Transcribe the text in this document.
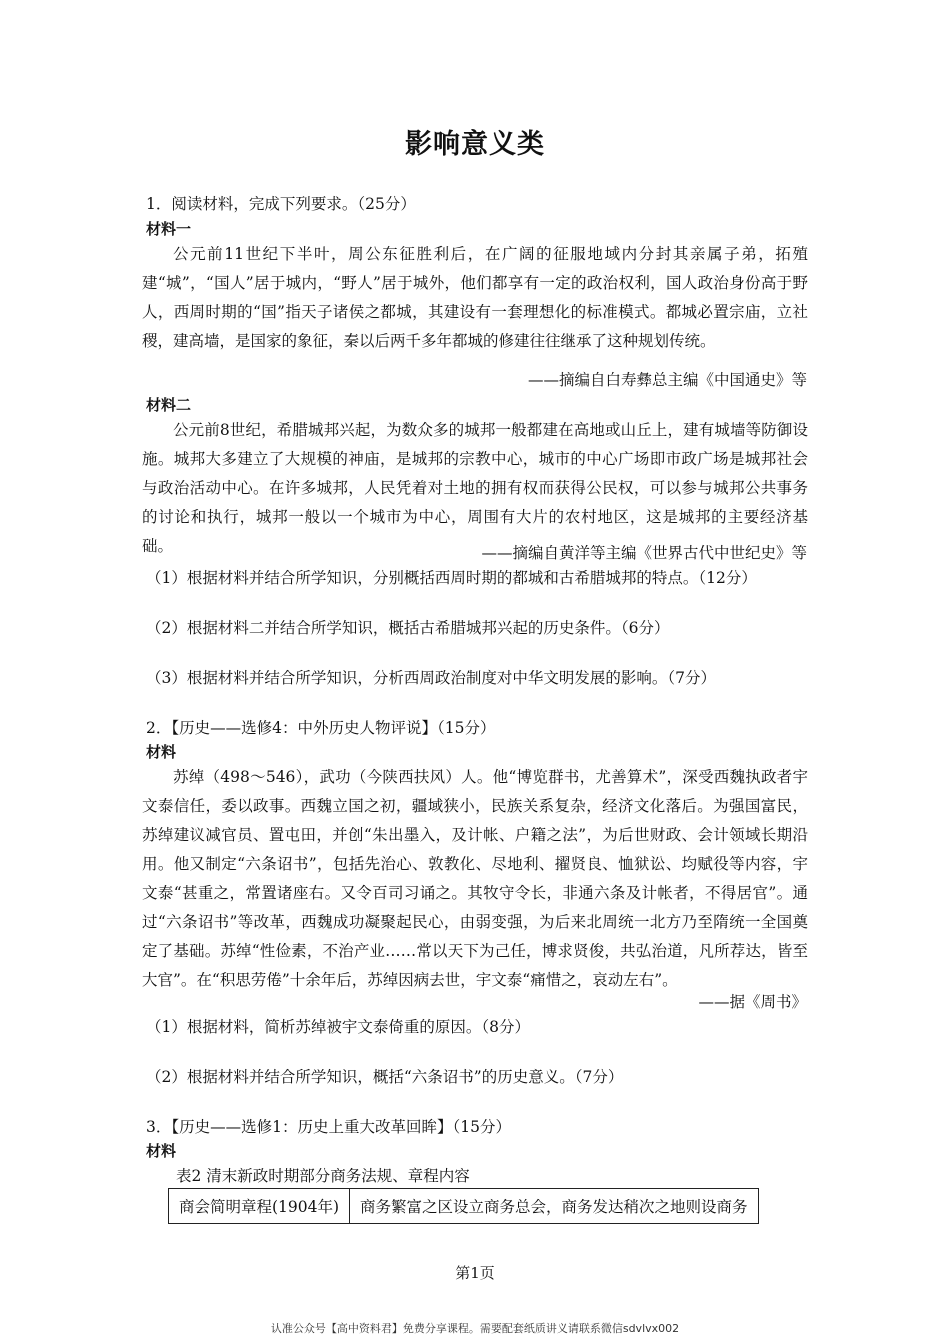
影响意义类
1．阅读材料，完成下列要求。（25分）
材料一

公元前11世纪下半叶，周公东征胜利后，在广阔的征服地域内分封其亲属子弟，拓殖建“城”，“国人”居于城内，“野人”居于城外，他们都享有一定的政治权利，国人政治身份高于野人，西周时期的“国”指天子诸侯之都城，其建设有一套理想化的标准模式。都城必置宗庙，立社稷，建高墙，是国家的象征，秦以后两千多年都城的修建往往继承了这种规划传统。

——摘编自白寿彝总主编《中国通史》等
材料二

公元前8世纪，希腊城邦兴起，为数众多的城邦一般都建在高地或山丘上，建有城墙等防御设施。城邦大多建立了大规模的神庙，是城邦的宗教中心，城市的中心广场即市政广场是城邦社会与政治活动中心。在许多城邦，人民凭着对土地的拥有权而获得公民权，可以参与城邦公共事务的讨论和执行，城邦一般以一个城市为中心，周围有大片的农村地区，这是城邦的主要经济基础。	——摘编自黄洋等主编《世界古代中世纪史》等
（1）根据材料并结合所学知识，分别概括西周时期的都城和古希腊城邦的特点。（12分）
（2）根据材料二并结合所学知识，概括古希腊城邦兴起的历史条件。（6分）
（3）根据材料并结合所学知识，分析西周政治制度对中华文明发展的影响。（7分）
2．【历史——选修4：中外历史人物评说】（15分）
材料

苏绰（498～546），武功（今陕西扶风）人。他“博览群书，尤善算术”，深受西魏执政者宇文泰信任，委以政事。西魏立国之初，疆域狭小，民族关系复杂，经济文化落后。为强国富民，苏绰建议减官员、置屯田，并创“朱出墨入，及计帐、户籍之法”，为后世财政、会计领域长期沿用。他又制定“六条诏书”，包括先治心、敦教化、尽地利、擢贤良、恤狱讼、均赋役等内容，宇文泰“甚重之，常置诸座右。又令百司习诵之。其牧守令长，非通六条及计帐者，不得居官”。通过“六条诏书”等改革，西魏成功凝聚起民心，由弱变强，为后来北周统一北方乃至隋统一全国奠定了基础。苏绰“性俭素，不治产业……常以天下为己任，博求贤俊，共弘治道，凡所荐达，皆至大官”。在“积思劳倦”十余年后，苏绰因病去世，宇文泰“痛惜之，哀动左右”。

——据《周书》
（1）根据材料，简析苏绰被宇文泰倚重的原因。（8分）
（2）根据材料并结合所学知识，概括“六条诏书”的历史意义。（7分）
3．【历史——选修1：历史上重大改革回眸】（15分）
材料
表2 清末新政时期部分商务法规、章程内容
商会简明章程(1904年)	商务繁富之区设立商务总会，商务发达稍次之地则设商务
第1页
认准公众号【高中资料君】免费分享课程。需要配套纸质讲义请联系微信sdvlvx002
